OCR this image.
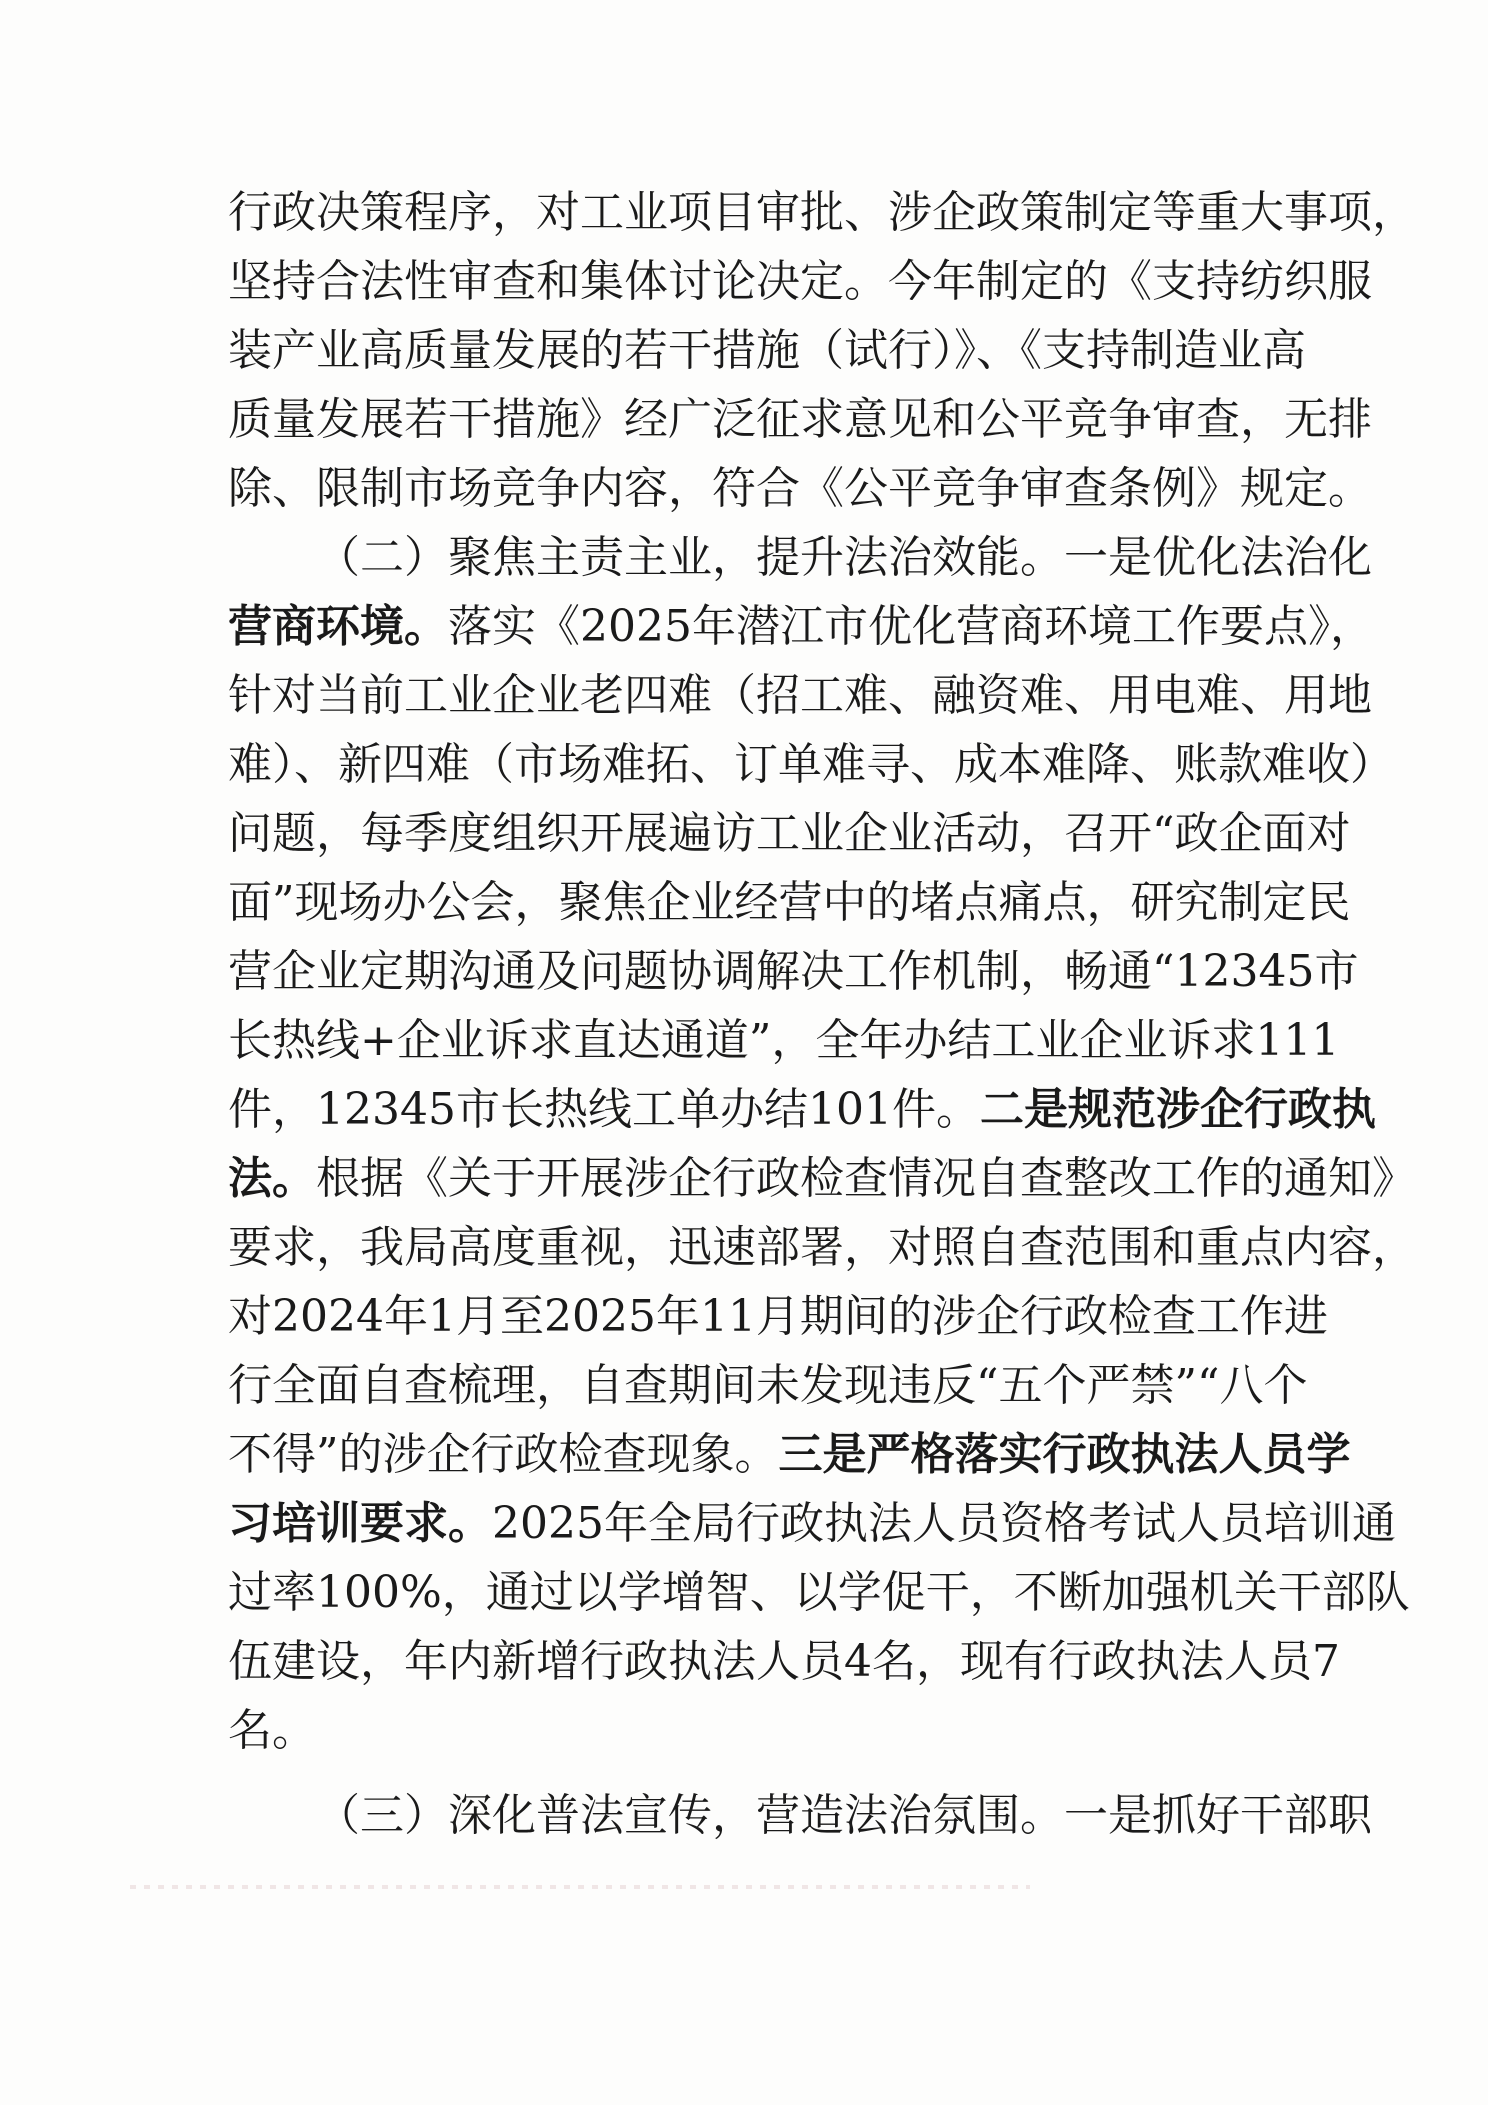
行政决策程序，对工业项目审批、涉企政策制定等重大事项，
坚持合法性审查和集体讨论决定。今年制定的《支持纺织服
装产业高质量发展的若干措施（试行）》、《支持制造业高
质量发展若干措施》经广泛征求意见和公平竞争审查，无排
除、限制市场竞争内容，符合《公平竞争审查条例》规定。
（二）聚焦主责主业，提升法治效能。一是优化法治化
营商环境。落实《2025年潜江市优化营商环境工作要点》，
针对当前工业企业老四难（招工难、融资难、用电难、用地
难）、新四难（市场难拓、订单难寻、成本难降、账款难收）
问题，每季度组织开展遍访工业企业活动，召开“政企面对
面”现场办公会，聚焦企业经营中的堵点痛点，研究制定民
营企业定期沟通及问题协调解决工作机制，畅通“12345市
长热线+企业诉求直达通道”，全年办结工业企业诉求111
件，12345市长热线工单办结101件。二是规范涉企行政执
法。根据《关于开展涉企行政检查情况自查整改工作的通知》
要求，我局高度重视，迅速部署，对照自查范围和重点内容，
对2024年1月至2025年11月期间的涉企行政检查工作进
行全面自查梳理，自查期间未发现违反“五个严禁”“八个
不得”的涉企行政检查现象。三是严格落实行政执法人员学
习培训要求。2025年全局行政执法人员资格考试人员培训通
过率100%，通过以学增智、以学促干，不断加强机关干部队
伍建设，年内新增行政执法人员4名，现有行政执法人员7
名。
（三）深化普法宣传，营造法治氛围。一是抓好干部职
